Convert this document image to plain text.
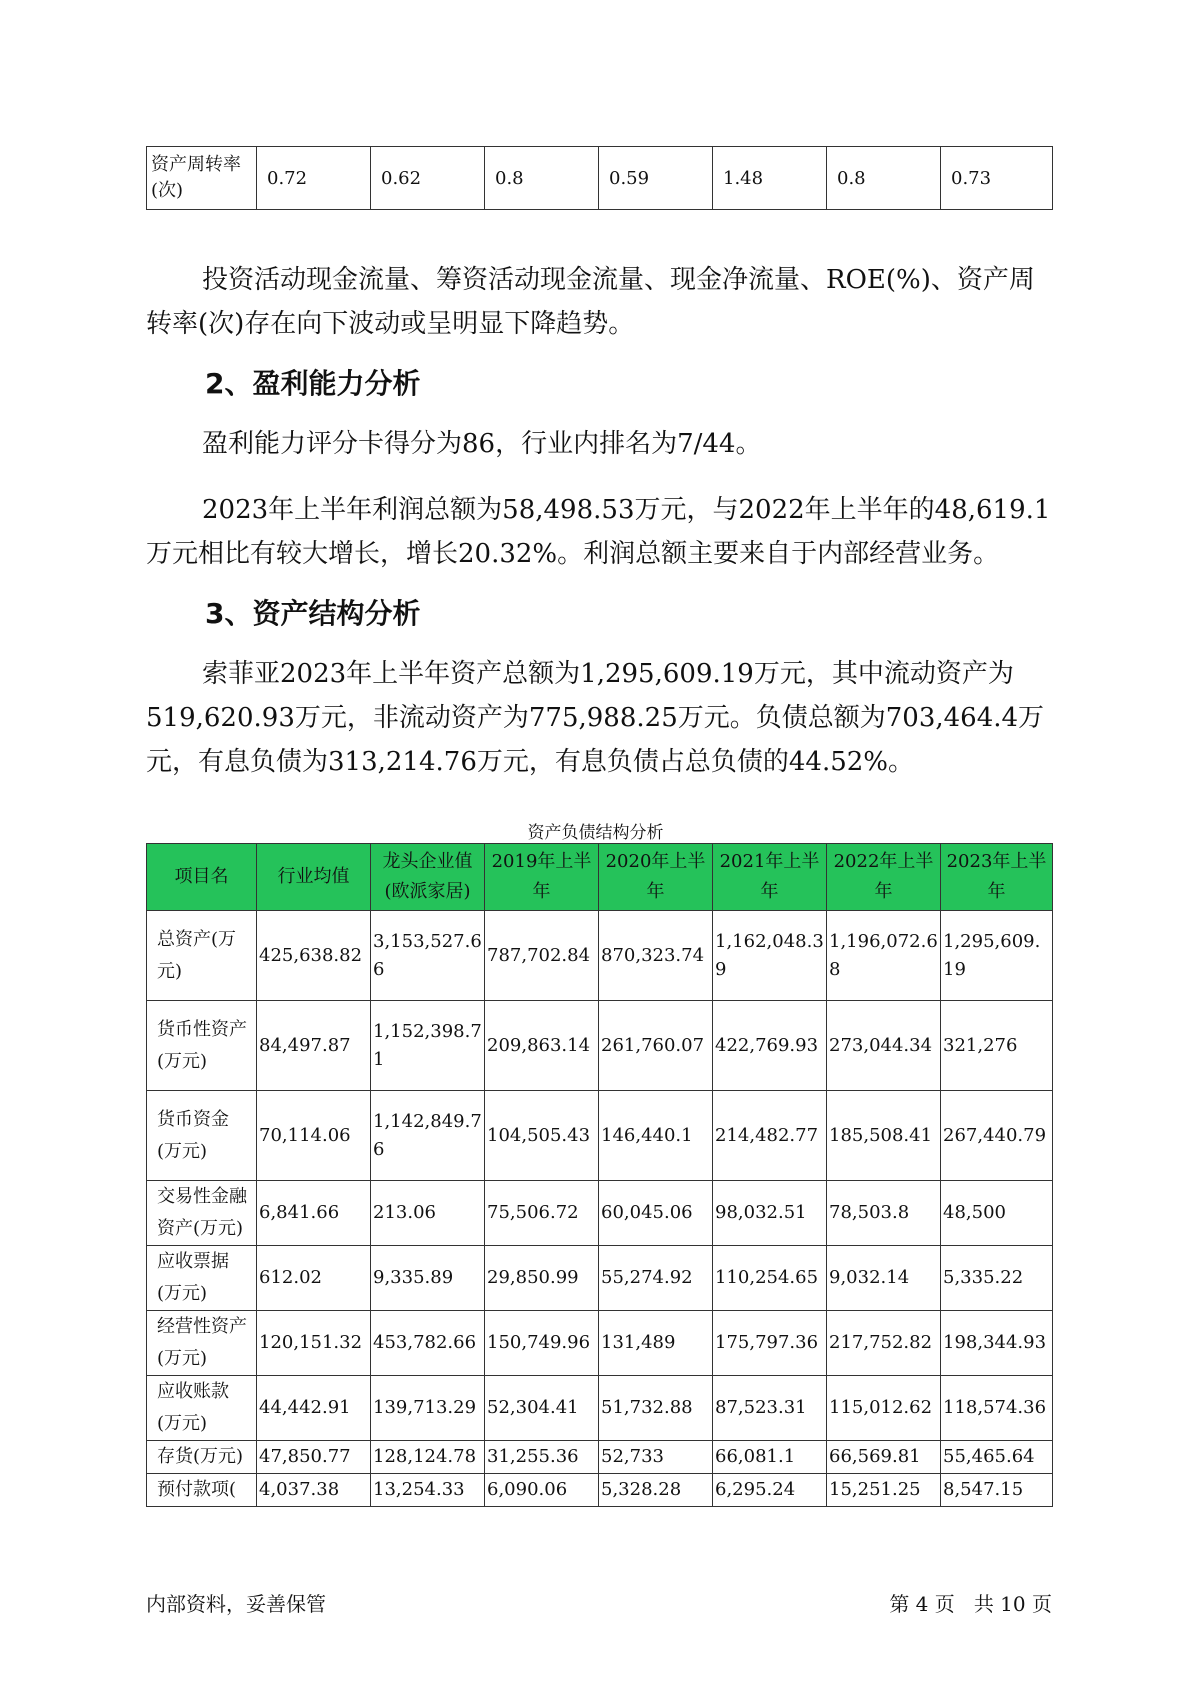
资产周转率(次)	0.72	0.62	0.8	0.59	1.48	0.8	0.73

投资活动现金流量、筹资活动现金流量、现金净流量、ROE(%)、资产周转率(次)存在向下波动或呈明显下降趋势。

2、盈利能力分析

盈利能力评分卡得分为86，行业内排名为7/44。

2023年上半年利润总额为58,498.53万元，与2022年上半年的48,619.1万元相比有较大增长，增长20.32%。利润总额主要来自于内部经营业务。

3、资产结构分析

索菲亚2023年上半年资产总额为1,295,609.19万元，其中流动资产为519,620.93万元，非流动资产为775,988.25万元。负债总额为703,464.4万元，有息负债为313,214.76万元，有息负债占总负债的44.52%。

资产负债结构分析
项目名	行业均值	龙头企业值(欧派家居)	2019年上半年	2020年上半年	2021年上半年	2022年上半年	2023年上半年
总资产(万元)	425,638.82	3,153,527.66	787,702.84	870,323.74	1,162,048.39	1,196,072.68	1,295,609.19
货币性资产(万元)	84,497.87	1,152,398.71	209,863.14	261,760.07	422,769.93	273,044.34	321,276
货币资金(万元)	70,114.06	1,142,849.76	104,505.43	146,440.1	214,482.77	185,508.41	267,440.79
交易性金融资产(万元)	6,841.66	213.06	75,506.72	60,045.06	98,032.51	78,503.8	48,500
应收票据(万元)	612.02	9,335.89	29,850.99	55,274.92	110,254.65	9,032.14	5,335.22
经营性资产(万元)	120,151.32	453,782.66	150,749.96	131,489	175,797.36	217,752.82	198,344.93
应收账款(万元)	44,442.91	139,713.29	52,304.41	51,732.88	87,523.31	115,012.62	118,574.36
存货(万元)	47,850.77	128,124.78	31,255.36	52,733	66,081.1	66,569.81	55,465.64
预付款项(	4,037.38	13,254.33	6,090.06	5,328.28	6,295.24	15,251.25	8,547.15
内部资料，妥善保管	第 4 页   共 10 页
